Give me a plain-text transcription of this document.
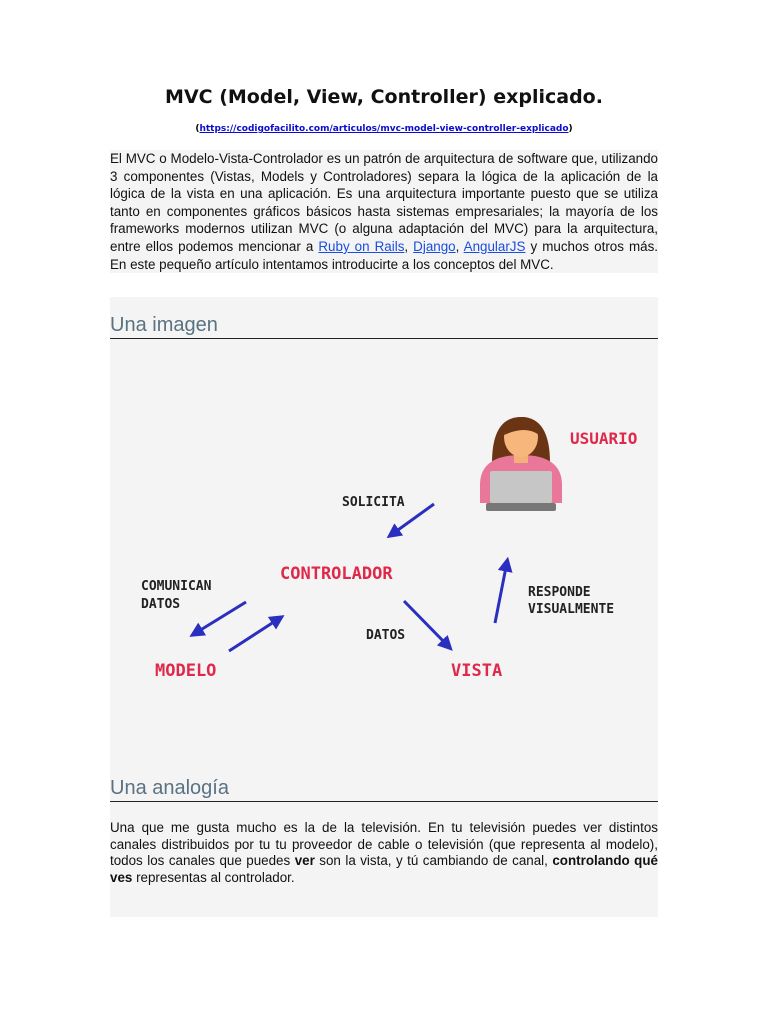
MVC (Model, View, Controller) explicado.
(https://codigofacilito.com/articulos/mvc-model-view-controller-explicado)
El MVC o Modelo-Vista-Controlador es un patrón de arquitectura de software que, utilizando 3 componentes (Vistas, Models y Controladores) separa la lógica de la aplicación de la lógica de la vista en una aplicación. Es una arquitectura importante puesto que se utiliza tanto en componentes gráficos básicos hasta sistemas empresariales; la mayoría de los frameworks modernos utilizan MVC (o alguna adaptación del MVC) para la arquitectura, entre ellos podemos mencionar a Ruby on Rails, Django, AngularJS y muchos otros más. En este pequeño artículo intentamos introducirte a los conceptos del MVC.
Una imagen
USUARIO
CONTROLADOR
MODELO	VISTA
SOLICITA
COMUNICAN
DATOS
DATOS
RESPONDE
VISUALMENTE
Una analogía
Una que me gusta mucho es la de la televisión. En tu televisión puedes ver distintos canales distribuidos por tu tu proveedor de cable o televisión (que representa al modelo), todos los canales que puedes ver son la vista, y tú cambiando de canal, controlando qué ves representas al controlador.
